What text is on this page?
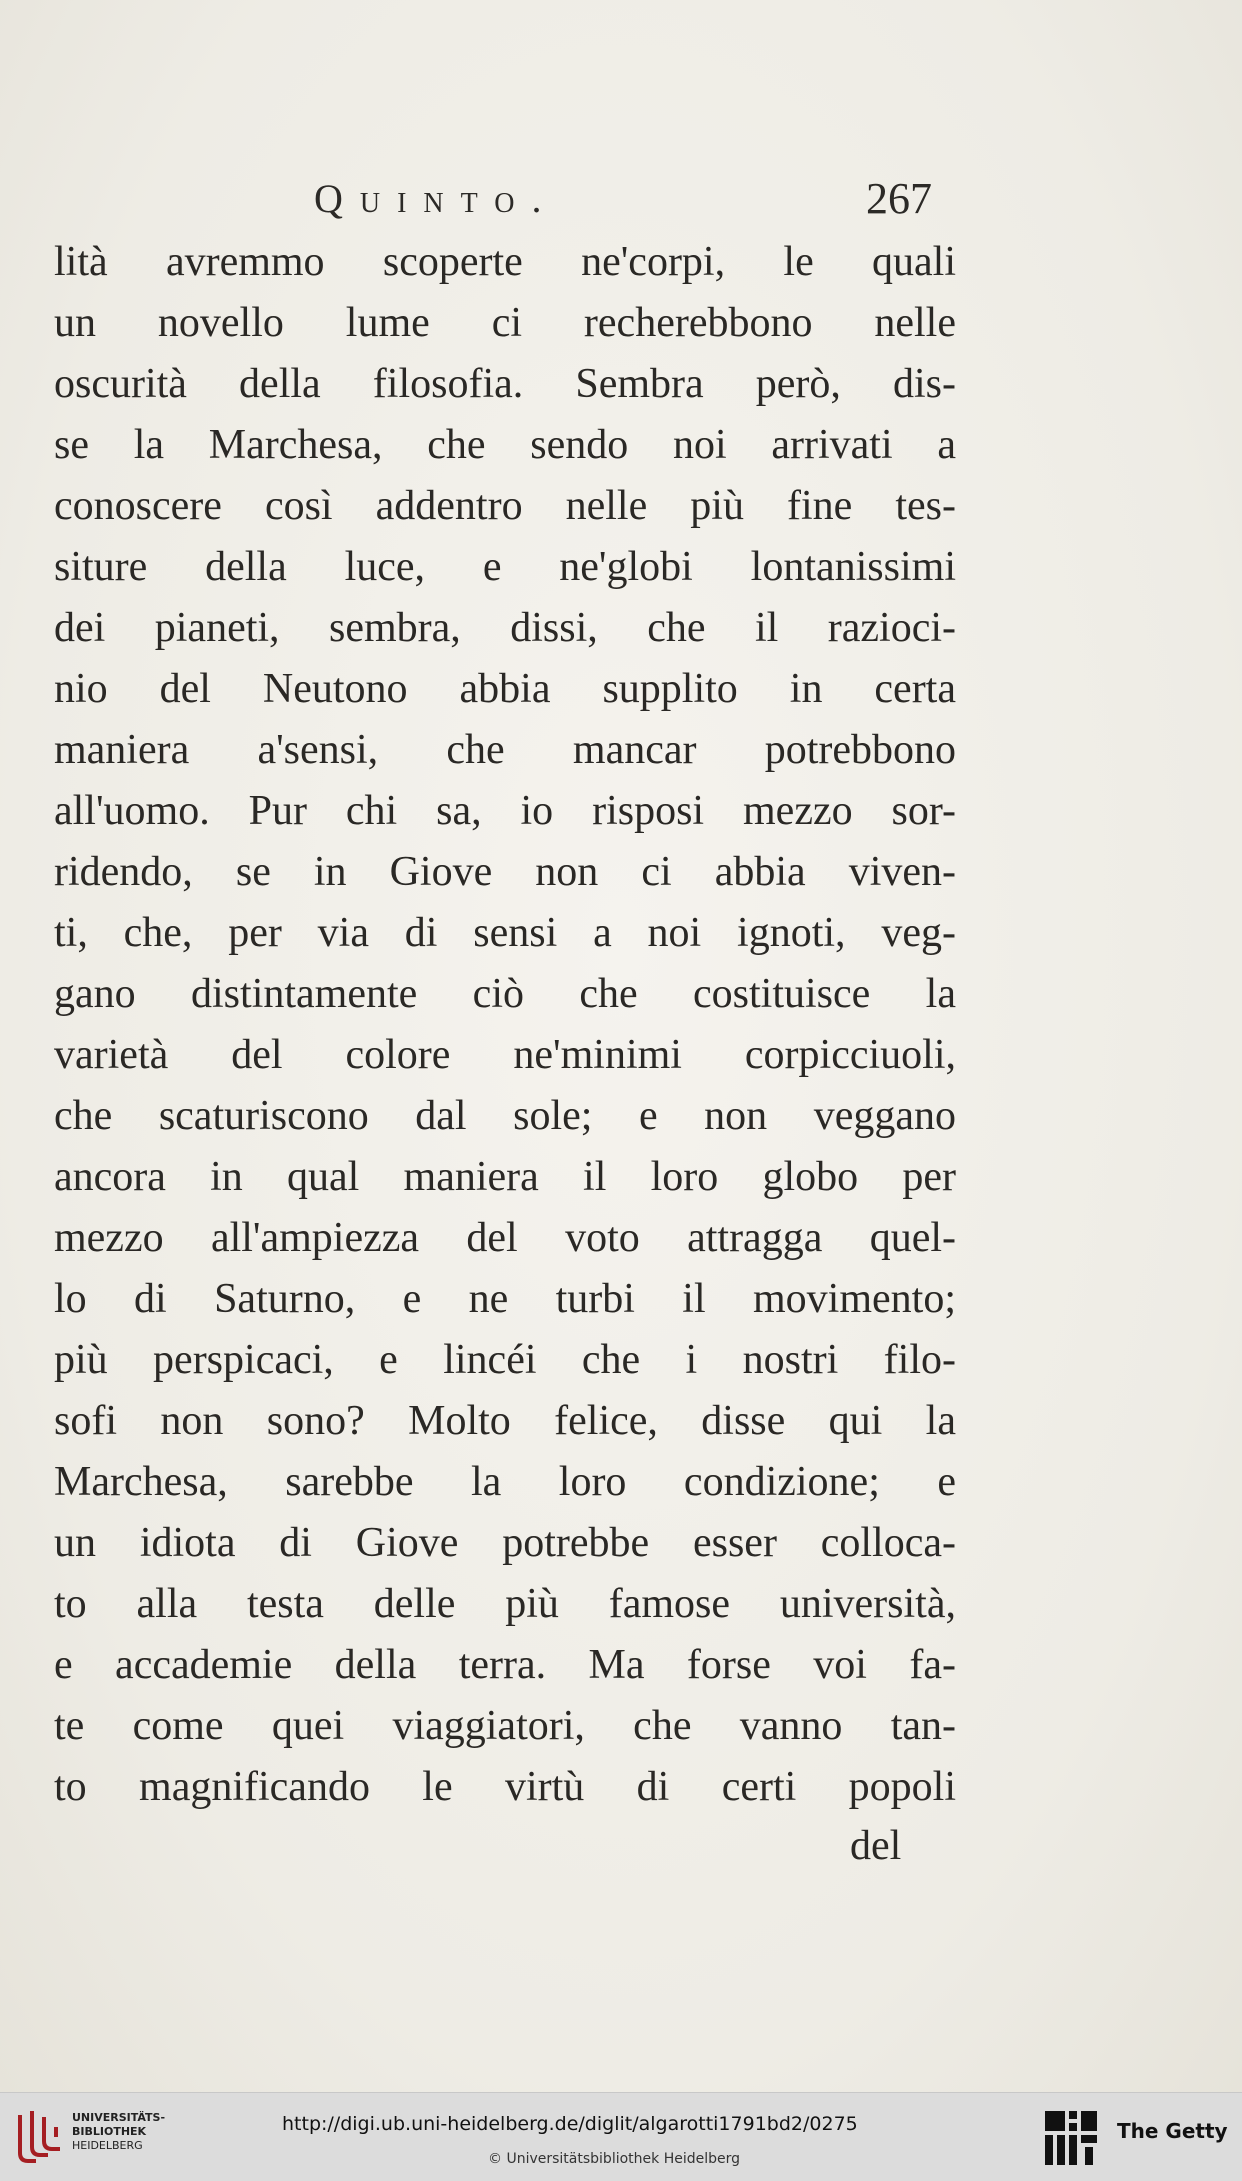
Quinto.	267
lità avremmo scoperte ne'corpi, le quali
un novello lume ci recherebbono nelle
oscurità della filosofia. Sembra però, dis-
se la Marchesa, che sendo noi arrivati a
conoscere così addentro nelle più fine tes-
siture della luce, e ne'globi lontanissimi
dei pianeti, sembra, dissi, che il razioci-
nio del Neutono abbia supplito in certa
maniera a'sensi, che mancar potrebbono
all'uomo. Pur chi sa, io risposi mezzo sor-
ridendo, se in Giove non ci abbia viven-
ti, che, per via di sensi a noi ignoti, veg-
gano distintamente ciò che costituisce la
varietà del colore ne'minimi corpicciuoli,
che scaturiscono dal sole; e non veggano
ancora in qual maniera il loro globo per
mezzo all'ampiezza del voto attragga quel-
lo di Saturno, e ne turbi il movimento;
più perspicaci, e lincéi che i nostri filo-
sofi non sono? Molto felice, disse qui la
Marchesa, sarebbe la loro condizione; e
un idiota di Giove potrebbe esser colloca-
to alla testa delle più famose università,
e accademie della terra. Ma forse voi fa-
te come quei viaggiatori, che vanno tan-
to magnificando le virtù di certi popoli
del
UNIVERSITÄTS-
BIBLIOTHEK
HEIDELBERG
http://digi.ub.uni-heidelberg.de/diglit/algarotti1791bd2/0275
© Universitätsbibliothek Heidelberg
The Getty
